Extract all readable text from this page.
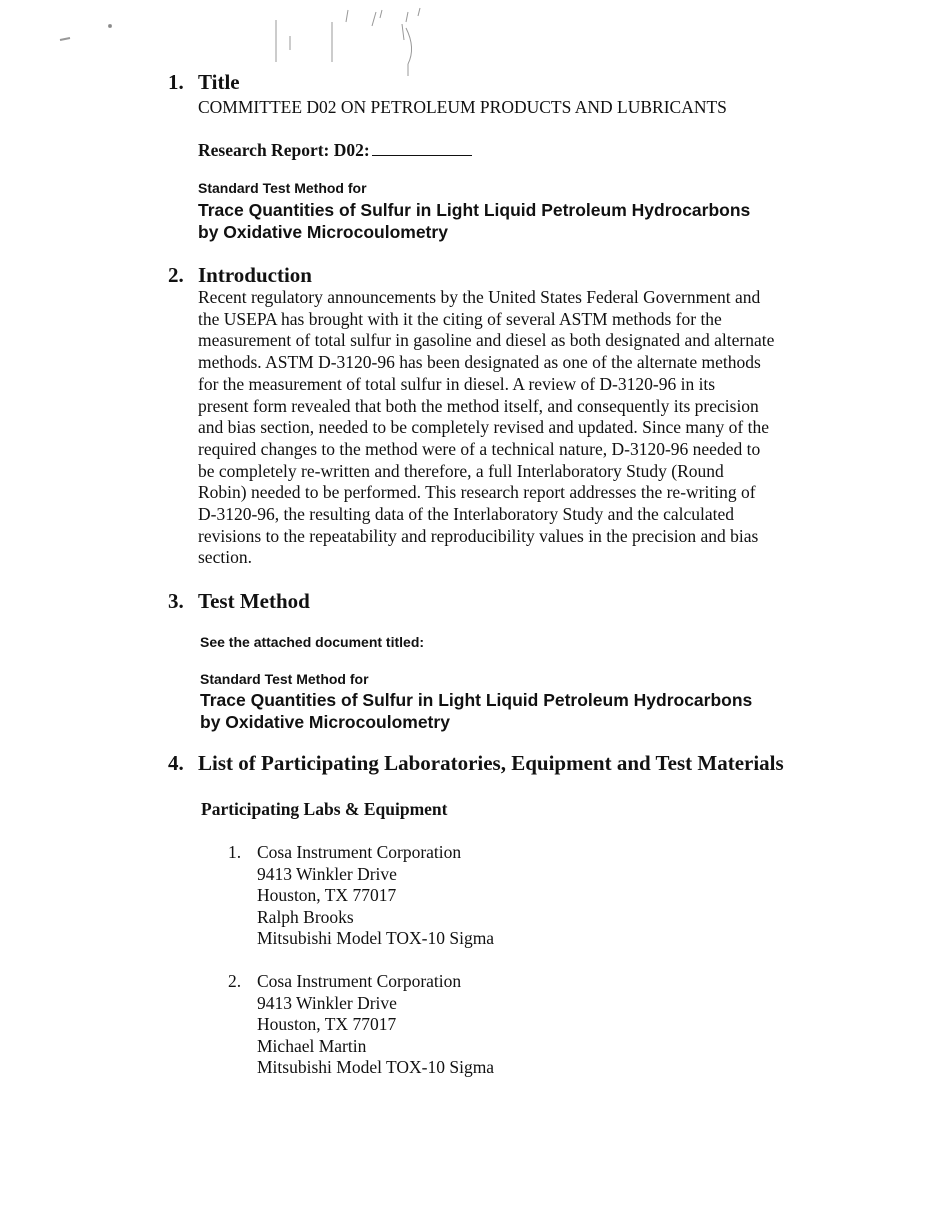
1. Title

COMMITTEE D02 ON PETROLEUM PRODUCTS AND LUBRICANTS

Research Report: D02:

Standard Test Method for

Trace Quantities of Sulfur in Light Liquid Petroleum Hydrocarbons
by Oxidative Microcoulometry
2. Introduction
Recent regulatory announcements by the United States Federal Government and
the USEPA has brought with it the citing of several ASTM methods for the
measurement of total sulfur in gasoline and diesel as both designated and alternate
methods. ASTM D-3120-96 has been designated as one of the alternate methods
for the measurement of total sulfur in diesel. A review of D-3120-96 in its
present form revealed that both the method itself, and consequently its precision
and bias section, needed to be completely revised and updated. Since many of the
required changes to the method were of a technical nature, D-3120-96 needed to
be completely re-written and therefore, a full Interlaboratory Study (Round
Robin) needed to be performed. This research report addresses the re-writing of
D-3120-96, the resulting data of the Interlaboratory Study and the calculated
revisions to the repeatability and reproducibility values in the precision and bias
section.
3. Test Method

See the attached document titled:

Standard Test Method for

Trace Quantities of Sulfur in Light Liquid Petroleum Hydrocarbons
by Oxidative Microcoulometry
4. List of Participating Laboratories, Equipment and Test Materials

Participating Labs & Equipment

1. Cosa Instrument Corporation
9413 Winkler Drive
Houston, TX 77017
Ralph Brooks
Mitsubishi Model TOX-10 Sigma
2. Cosa Instrument Corporation
9413 Winkler Drive
Houston, TX 77017
Michael Martin
Mitsubishi Model TOX-10 Sigma
